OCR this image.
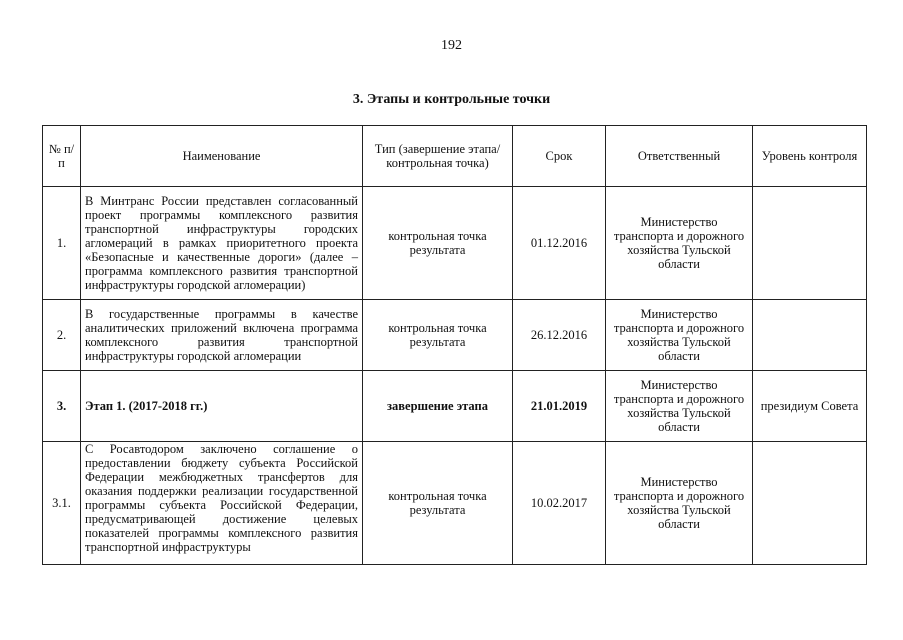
192
3. Этапы и контрольные точки
№ п/п	Наименование	Тип (завершение этапа/контрольная точка)	Срок	Ответственный	Уровень контроля
1.	В Минтранс России представлен согласованный проект программы комплексного развития транспортной инфраструктуры городских агломераций в рамках приоритетного проекта «Безопасные и качественные дороги» (далее – программа комплексного развития транспортной инфраструктуры городской агломерации)	контрольная точка результата	01.12.2016	Министерство транспорта и дорожного хозяйства Тульской области	
2.	В государственные программы в качестве аналитических приложений включена программа комплексного развития транспортной инфраструктуры городской агломерации	контрольная точка результата	26.12.2016	Министерство транспорта и дорожного хозяйства Тульской области	
3.	Этап 1. (2017-2018 гг.)	завершение этапа	21.01.2019	Министерство транспорта и дорожного хозяйства Тульской области	президиум Совета
3.1.	С Росавтодором заключено соглашение о предоставлении бюджету субъекта Российской Федерации межбюджетных трансфертов для оказания поддержки реализации государственной программы субъекта Российской Федерации, предусматривающей достижение целевых показателей программы комплексного развития транспортной инфраструктуры	контрольная точка результата	10.02.2017	Министерство транспорта и дорожного хозяйства Тульской области	
